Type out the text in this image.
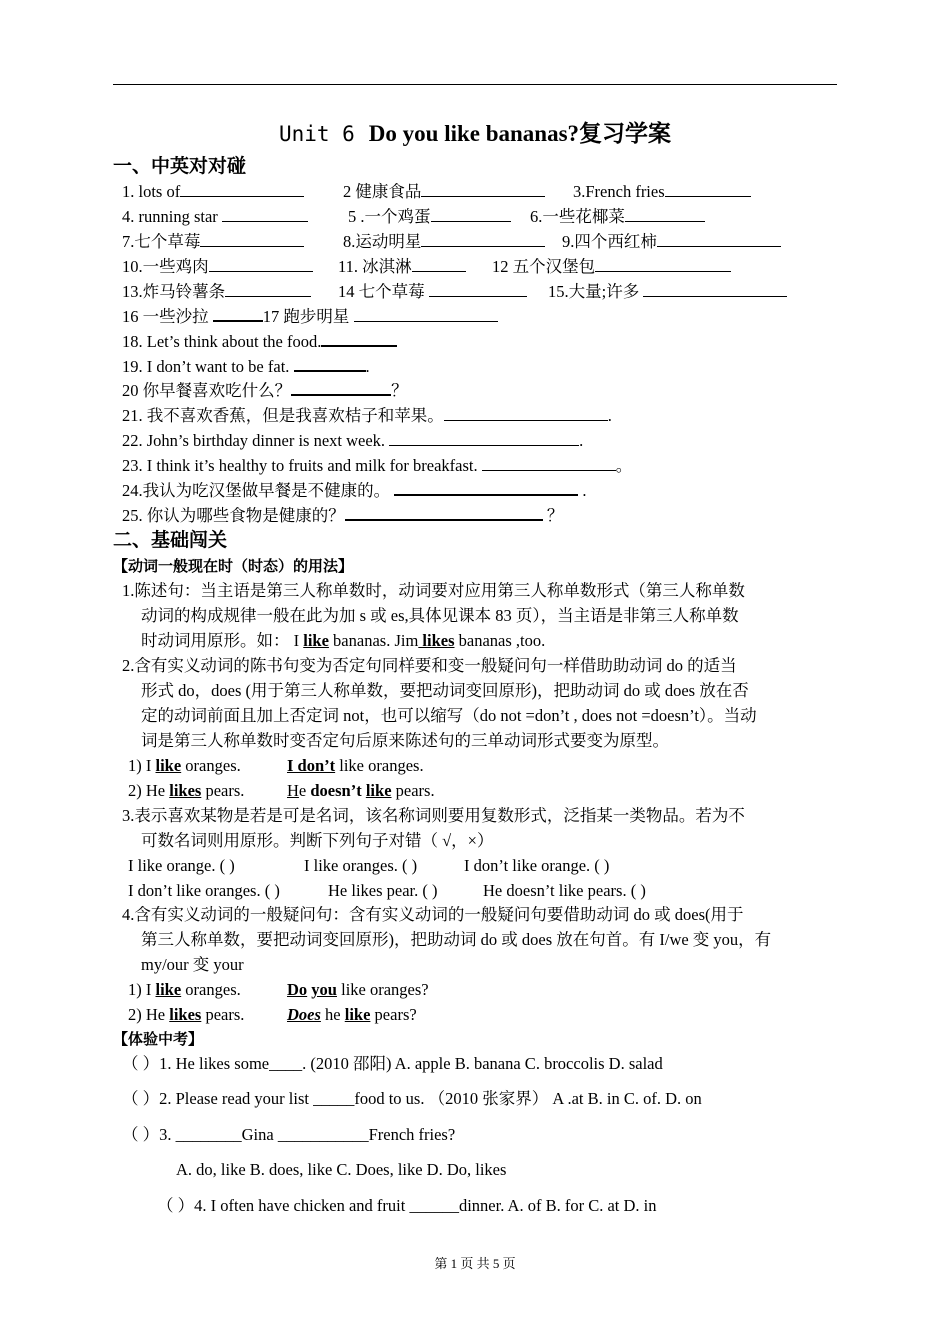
Unit 6 Do you like bananas?复习学案
一、中英对对碰
1. lots of	2 健康食品	3.French fries
4. running star	5 .一个鸡蛋	6.一些花椰菜
7.七个草莓	8.运动明星	9.四个西红柿
10.一些鸡肉	11. 冰淇淋	12 五个汉堡包
13.炸马铃薯条	14 七个草莓	15.大量;许多
16 一些沙拉	17 跑步明星
18. Let’s think about the food.
19. I don’t want to be fat.	.
20 你早餐喜欢吃什么？	？
21. 我不喜欢香蕉，但是我喜欢桔子和苹果。	.
22. John’s birthday dinner is next week.	.
23. I think it’s healthy to fruits and milk for breakfast.	。
24.我认为吃汉堡做早餐是不健康的。	.
25. 你认为哪些食物是健康的？	？
二、基础闯关
【动词一般现在时（时态）的用法】
1.陈述句：当主语是第三人称单数时，动词要对应用第三人称单数形式（第三人称单数
动词的构成规律一般在此为加 s 或 es,具体见课本 83 页），当主语是非第三人称单数
时动词用原形。如： I like bananas. Jim likes bananas ,too.
2.含有实义动词的陈书句变为否定句同样要和变一般疑问句一样借助助动词 do 的适当
形式 do，does (用于第三人称单数，要把动词变回原形)，把助动词 do 或 does 放在否
定的动词前面且加上否定词 not，也可以缩写（do not =don’t , does not =doesn’t）。当动
词是第三人称单数时变否定句后原来陈述句的三单动词形式要变为原型。
1) I like oranges.	I don’t like oranges.
2) He likes pears.	He doesn’t like pears.
3.表示喜欢某物是若是可是名词，该名称词则要用复数形式，泛指某一类物品。若为不
可数名词则用原形。判断下列句子对错（ √，×）
I like orange. ( )	I like oranges. ( )	I don’t like orange. ( )
I don’t like oranges. ( )	He likes pear. ( )	He doesn’t like pears. ( )
4.含有实义动词的一般疑问句：含有实义动词的一般疑问句要借助动词 do 或 does(用于
第三人称单数，要把动词变回原形)，把助动词 do 或 does 放在句首。有 I/we 变 you，有
my/our 变 your
1) I like oranges.	Do you like oranges?
2) He likes pears.	Does he like pears?
【体验中考】
（ ）1. He likes some____. (2010 邵阳) A. apple B. banana C. broccolis D. salad
（ ）2. Please read your list _____food to us. （2010 张家界） A .at B. in C. of. D. on
（ ）3. ________Gina ___________French fries?
A. do, like B. does, like C. Does, like D. Do, likes
（ ）4. I often have chicken and fruit ______dinner. A. of B. for C. at D. in
第 1 页 共 5 页
